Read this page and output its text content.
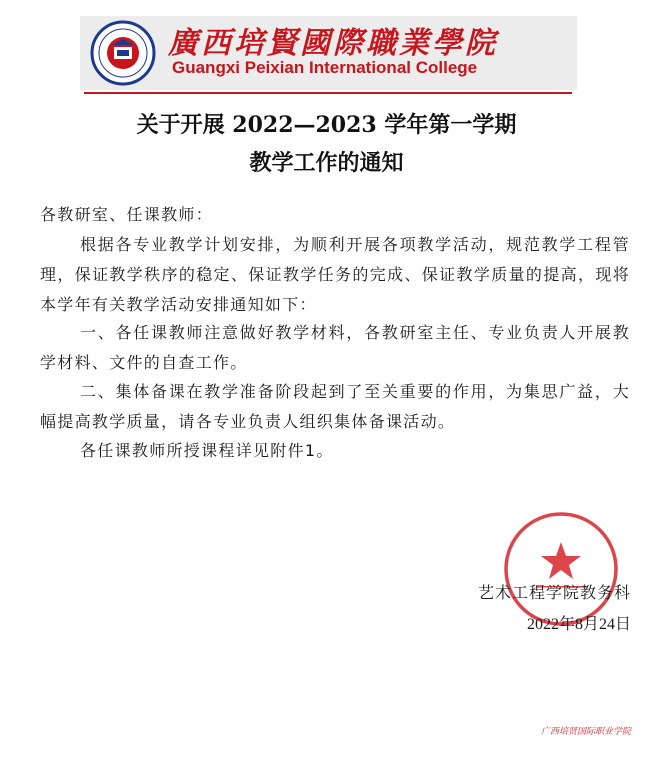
廣西培賢國際職業學院
Guangxi Peixian International College
关于开展 2022—2023 学年第一学期
教学工作的通知
各教研室、任课教师：
根据各专业教学计划安排，为顺利开展各项教学活动，规范教学工程管理，保证教学秩序的稳定、保证教学任务的完成、保证教学质量的提高，现将本学年有关教学活动安排通知如下：
一、各任课教师注意做好教学材料，各教研室主任、专业负责人开展教学材料、文件的自查工作。
二、集体备课在教学准备阶段起到了至关重要的作用，为集思广益，大幅提高教学质量，请各专业负责人组织集体备课活动。
各任课教师所授课程详见附件1。
艺术工程学院教务科
2022年8月24日
广西培贤国际职业学院
